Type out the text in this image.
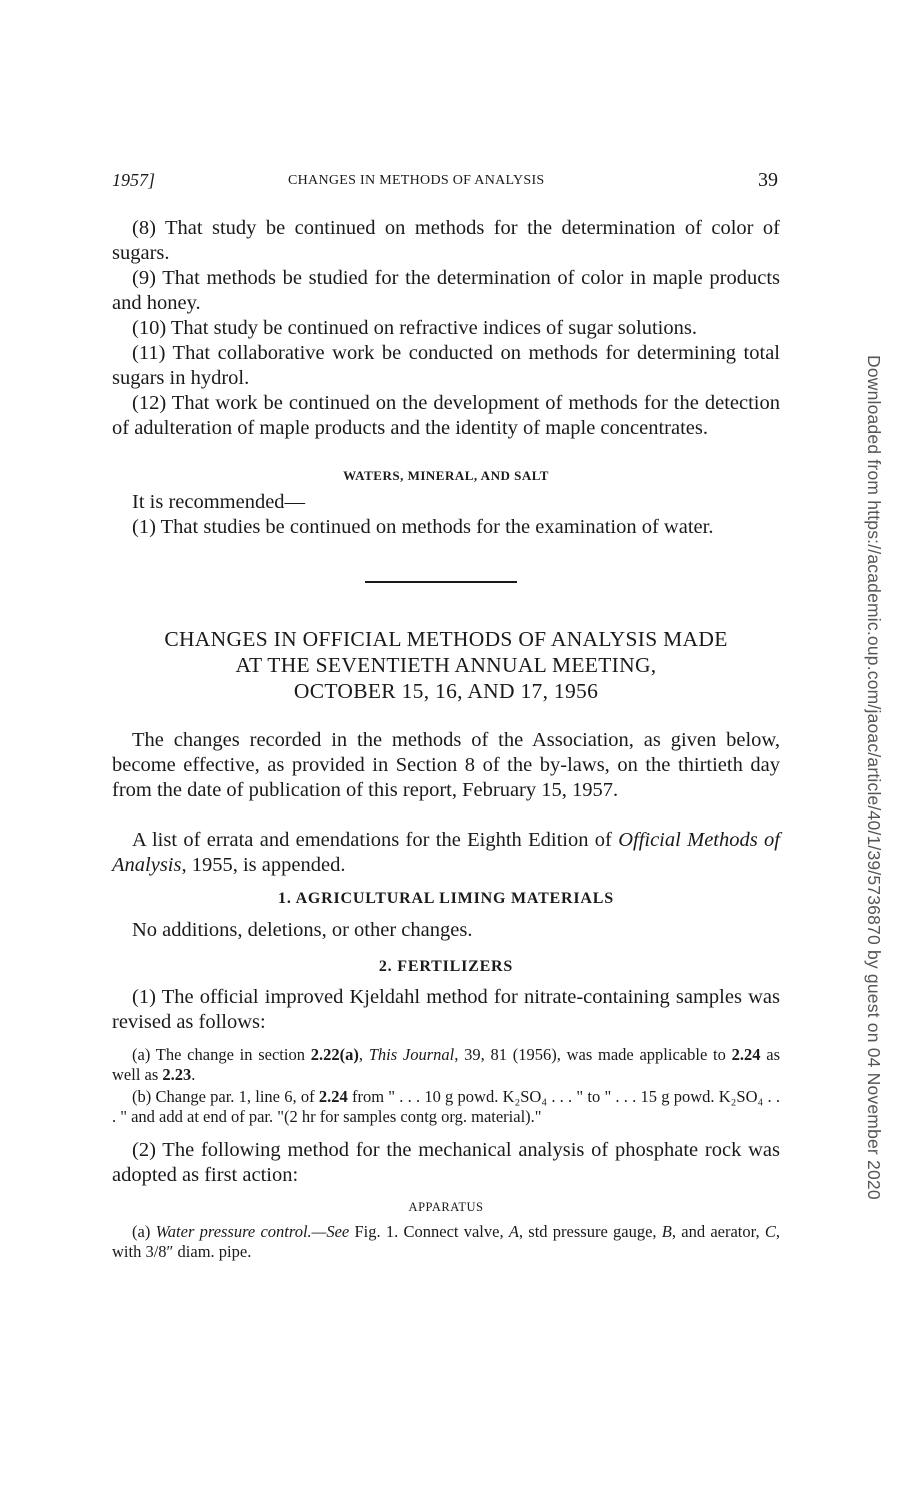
1957]	CHANGES IN METHODS OF ANALYSIS	39
(8) That study be continued on methods for the determination of color of sugars.
(9) That methods be studied for the determination of color in maple products and honey.
(10) That study be continued on refractive indices of sugar solutions.
(11) That collaborative work be conducted on methods for determining total sugars in hydrol.
(12) That work be continued on the development of methods for the detection of adulteration of maple products and the identity of maple concentrates.
WATERS, MINERAL, AND SALT
It is recommended—
(1) That studies be continued on methods for the examination of water.
CHANGES IN OFFICIAL METHODS OF ANALYSIS MADE
AT THE SEVENTIETH ANNUAL MEETING,
OCTOBER 15, 16, AND 17, 1956
The changes recorded in the methods of the Association, as given below, become effective, as provided in Section 8 of the by-laws, on the thirtieth day from the date of publication of this report, February 15, 1957.
A list of errata and emendations for the Eighth Edition of Official Methods of Analysis, 1955, is appended.
1. AGRICULTURAL LIMING MATERIALS
No additions, deletions, or other changes.
2. FERTILIZERS
(1) The official improved Kjeldahl method for nitrate-containing samples was revised as follows:
(a) The change in section 2.22(a), This Journal, 39, 81 (1956), was made applicable to 2.24 as well as 2.23.
(b) Change par. 1, line 6, of 2.24 from " . . . 10 g powd. K₂SO₄ . . . " to " . . . 15 g powd. K₂SO₄ . . . " and add at end of par. "(2 hr for samples contg org. material)."
(2) The following method for the mechanical analysis of phosphate rock was adopted as first action:
APPARATUS
(a) Water pressure control.—See Fig. 1. Connect valve, A, std pressure gauge, B, and aerator, C, with 3/8″ diam. pipe.
Downloaded from https://academic.oup.com/jaoac/article/40/1/39/5736870 by guest on 04 November 2020
